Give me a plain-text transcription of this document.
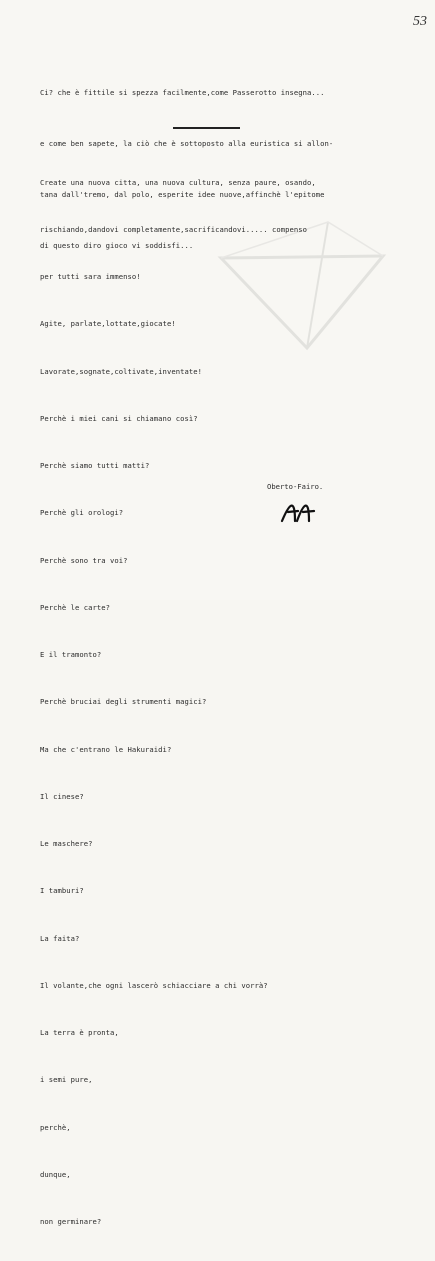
53

Ci? che è fittile si spezza facilmente,come Passerotto insegna...

e come ben sapete, la ciò che è sottoposto alla euristica si allon-

tana dall'tremo, dal polo, esperite idee nuove,affinchè l'epitome

di questo diro gioco vi soddisfi...

Create una nuova citta, una nuova cultura, senza paure, osando,

rischiando,dandovi completamente,sacrificandovi..... compenso

per tutti sara immenso!

Agite, parlate,lottate,giocate!

Lavorate,sognate,coltivate,inventate!

Perchè i miei cani si chiamano così?

Perchè siamo tutti matti?

Perchè gli orologi?

Perchè sono tra voi?

Perchè le carte?

E il tramonto?

Perchè bruciai degli strumenti magici?

Ma che c'entrano le Hakuraidi?

Il cinese?

Le maschere?

I tamburi?

La faita?

Il volante,che ogni lascerò schiacciare a chi vorrà?

La terra è pronta,

i semi pure,

perchè,

dunque,

non germinare?

Oberto-Fairo.
